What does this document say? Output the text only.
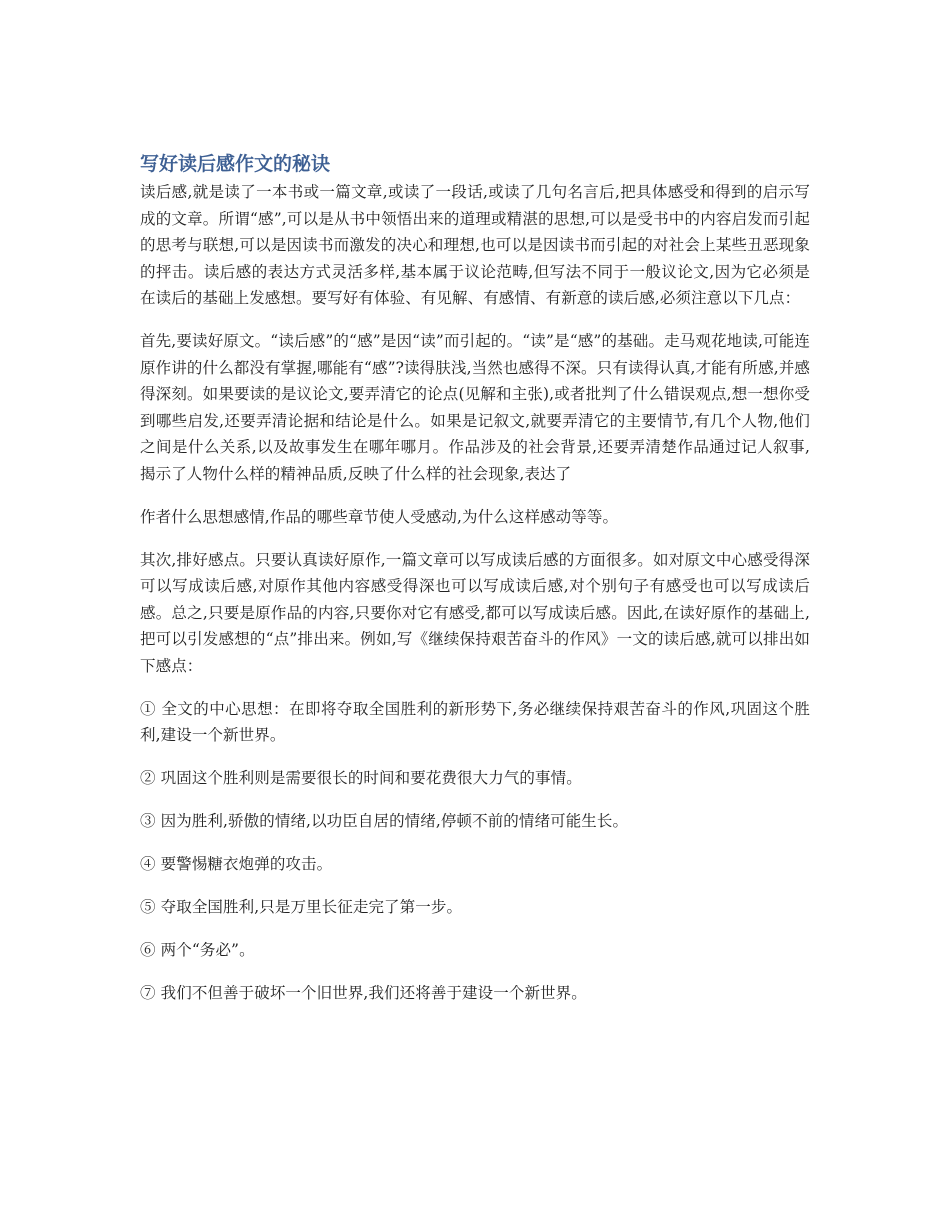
写好读后感作文的秘诀

读后感,就是读了一本书或一篇文章,或读了一段话,或读了几句名言后,把具体感受和得到的启示写成的文章。所谓“感”,可以是从书中领悟出来的道理或精湛的思想,可以是受书中的内容启发而引起的思考与联想,可以是因读书而激发的决心和理想,也可以是因读书而引起的对社会上某些丑恶现象的抨击。读后感的表达方式灵活多样,基本属于议论范畴,但写法不同于一般议论文,因为它必须是在读后的基础上发感想。要写好有体验、有见解、有感情、有新意的读后感,必须注意以下几点：

首先,要读好原文。“读后感”的“感”是因“读”而引起的。“读”是“感”的基础。走马观花地读,可能连原作讲的什么都没有掌握,哪能有“感”?读得肤浅,当然也感得不深。只有读得认真,才能有所感,并感得深刻。如果要读的是议论文,要弄清它的论点(见解和主张),或者批判了什么错误观点,想一想你受到哪些启发,还要弄清论据和结论是什么。如果是记叙文,就要弄清它的主要情节,有几个人物,他们之间是什么关系,以及故事发生在哪年哪月。作品涉及的社会背景,还要弄清楚作品通过记人叙事,揭示了人物什么样的精神品质,反映了什么样的社会现象,表达了

作者什么思想感情,作品的哪些章节使人受感动,为什么这样感动等等。

其次,排好感点。只要认真读好原作,一篇文章可以写成读后感的方面很多。如对原文中心感受得深可以写成读后感,对原作其他内容感受得深也可以写成读后感,对个别句子有感受也可以写成读后感。总之,只要是原作品的内容,只要你对它有感受,都可以写成读后感。因此,在读好原作的基础上,把可以引发感想的“点”排出来。例如,写《继续保持艰苦奋斗的作风》一文的读后感,就可以排出如下感点：

① 全文的中心思想：在即将夺取全国胜利的新形势下,务必继续保持艰苦奋斗的作风,巩固这个胜利,建设一个新世界。

② 巩固这个胜利则是需要很长的时间和要花费很大力气的事情。

③ 因为胜利,骄傲的情绪,以功臣自居的情绪,停顿不前的情绪可能生长。

④ 要警惕糖衣炮弹的攻击。

⑤ 夺取全国胜利,只是万里长征走完了第一步。

⑥ 两个“务必”。

⑦ 我们不但善于破坏一个旧世界,我们还将善于建设一个新世界。
